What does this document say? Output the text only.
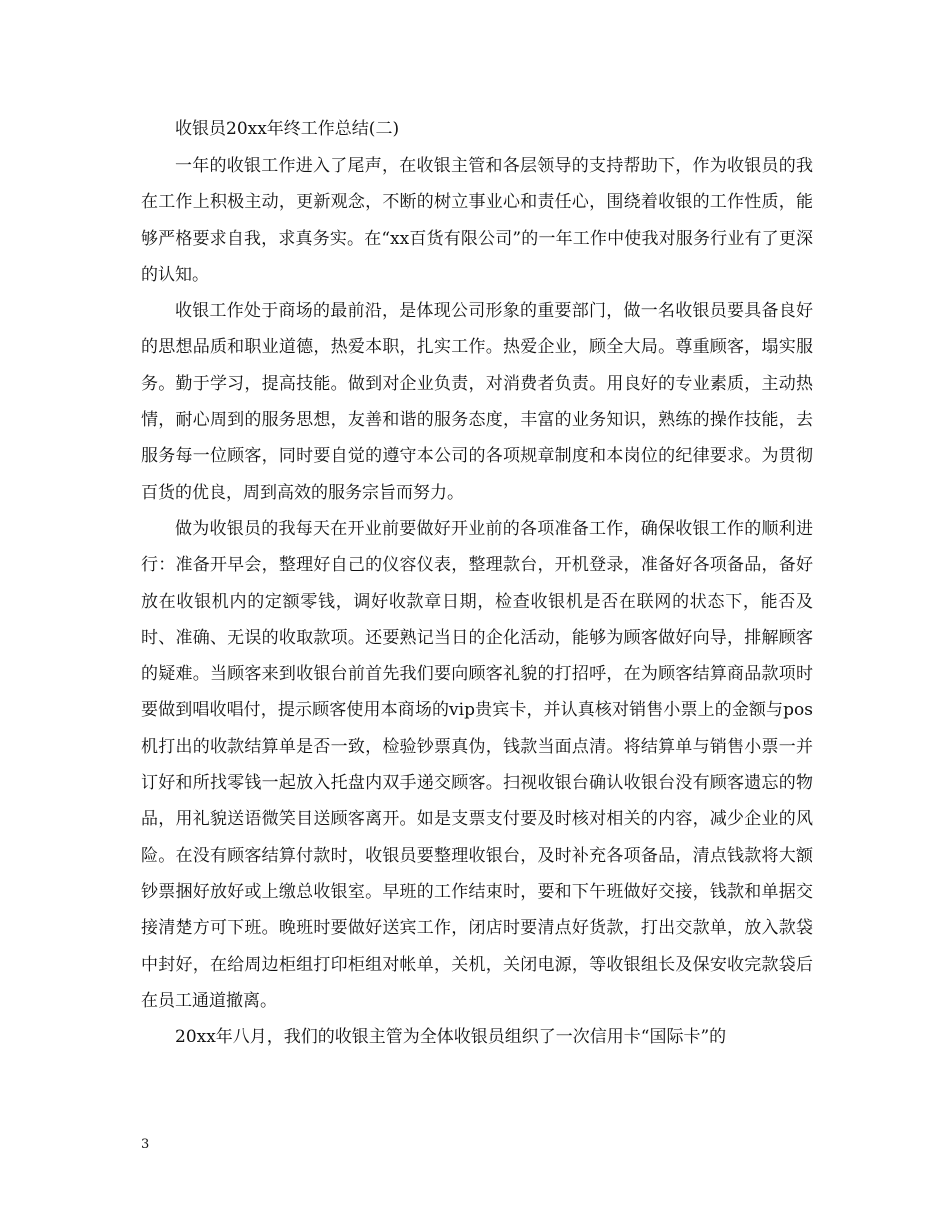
收银员20xx年终工作总结(二)

一年的收银工作进入了尾声，在收银主管和各层领导的支持帮助下，作为收银员的我在工作上积极主动，更新观念，不断的树立事业心和责任心，围绕着收银的工作性质，能够严格要求自我，求真务实。在“xx百货有限公司”的一年工作中使我对服务行业有了更深的认知。

收银工作处于商场的最前沿，是体现公司形象的重要部门，做一名收银员要具备良好的思想品质和职业道德，热爱本职，扎实工作。热爱企业，顾全大局。尊重顾客，塌实服务。勤于学习，提高技能。做到对企业负责，对消费者负责。用良好的专业素质，主动热情，耐心周到的服务思想，友善和谐的服务态度，丰富的业务知识，熟练的操作技能，去服务每一位顾客，同时要自觉的遵守本公司的各项规章制度和本岗位的纪律要求。为贯彻百货的优良，周到高效的服务宗旨而努力。

做为收银员的我每天在开业前要做好开业前的各项准备工作，确保收银工作的顺利进行：准备开早会，整理好自己的仪容仪表，整理款台，开机登录，准备好各项备品，备好放在收银机内的定额零钱，调好收款章日期，检查收银机是否在联网的状态下，能否及时、准确、无误的收取款项。还要熟记当日的企化活动，能够为顾客做好向导，排解顾客的疑难。当顾客来到收银台前首先我们要向顾客礼貌的打招呼，在为顾客结算商品款项时要做到唱收唱付，提示顾客使用本商场的vip贵宾卡，并认真核对销售小票上的金额与pos机打出的收款结算单是否一致，检验钞票真伪，钱款当面点清。将结算单与销售小票一并订好和所找零钱一起放入托盘内双手递交顾客。扫视收银台确认收银台没有顾客遗忘的物品，用礼貌送语微笑目送顾客离开。如是支票支付要及时核对相关的内容，减少企业的风险。在没有顾客结算付款时，收银员要整理收银台，及时补充各项备品，清点钱款将大额钞票捆好放好或上缴总收银室。早班的工作结束时，要和下午班做好交接，钱款和单据交接清楚方可下班。晚班时要做好送宾工作，闭店时要清点好货款，打出交款单，放入款袋中封好，在给周边柜组打印柜组对帐单，关机，关闭电源，等收银组长及保安收完款袋后在员工通道撤离。

20xx年八月，我们的收银主管为全体收银员组织了一次信用卡“国际卡”的

3
